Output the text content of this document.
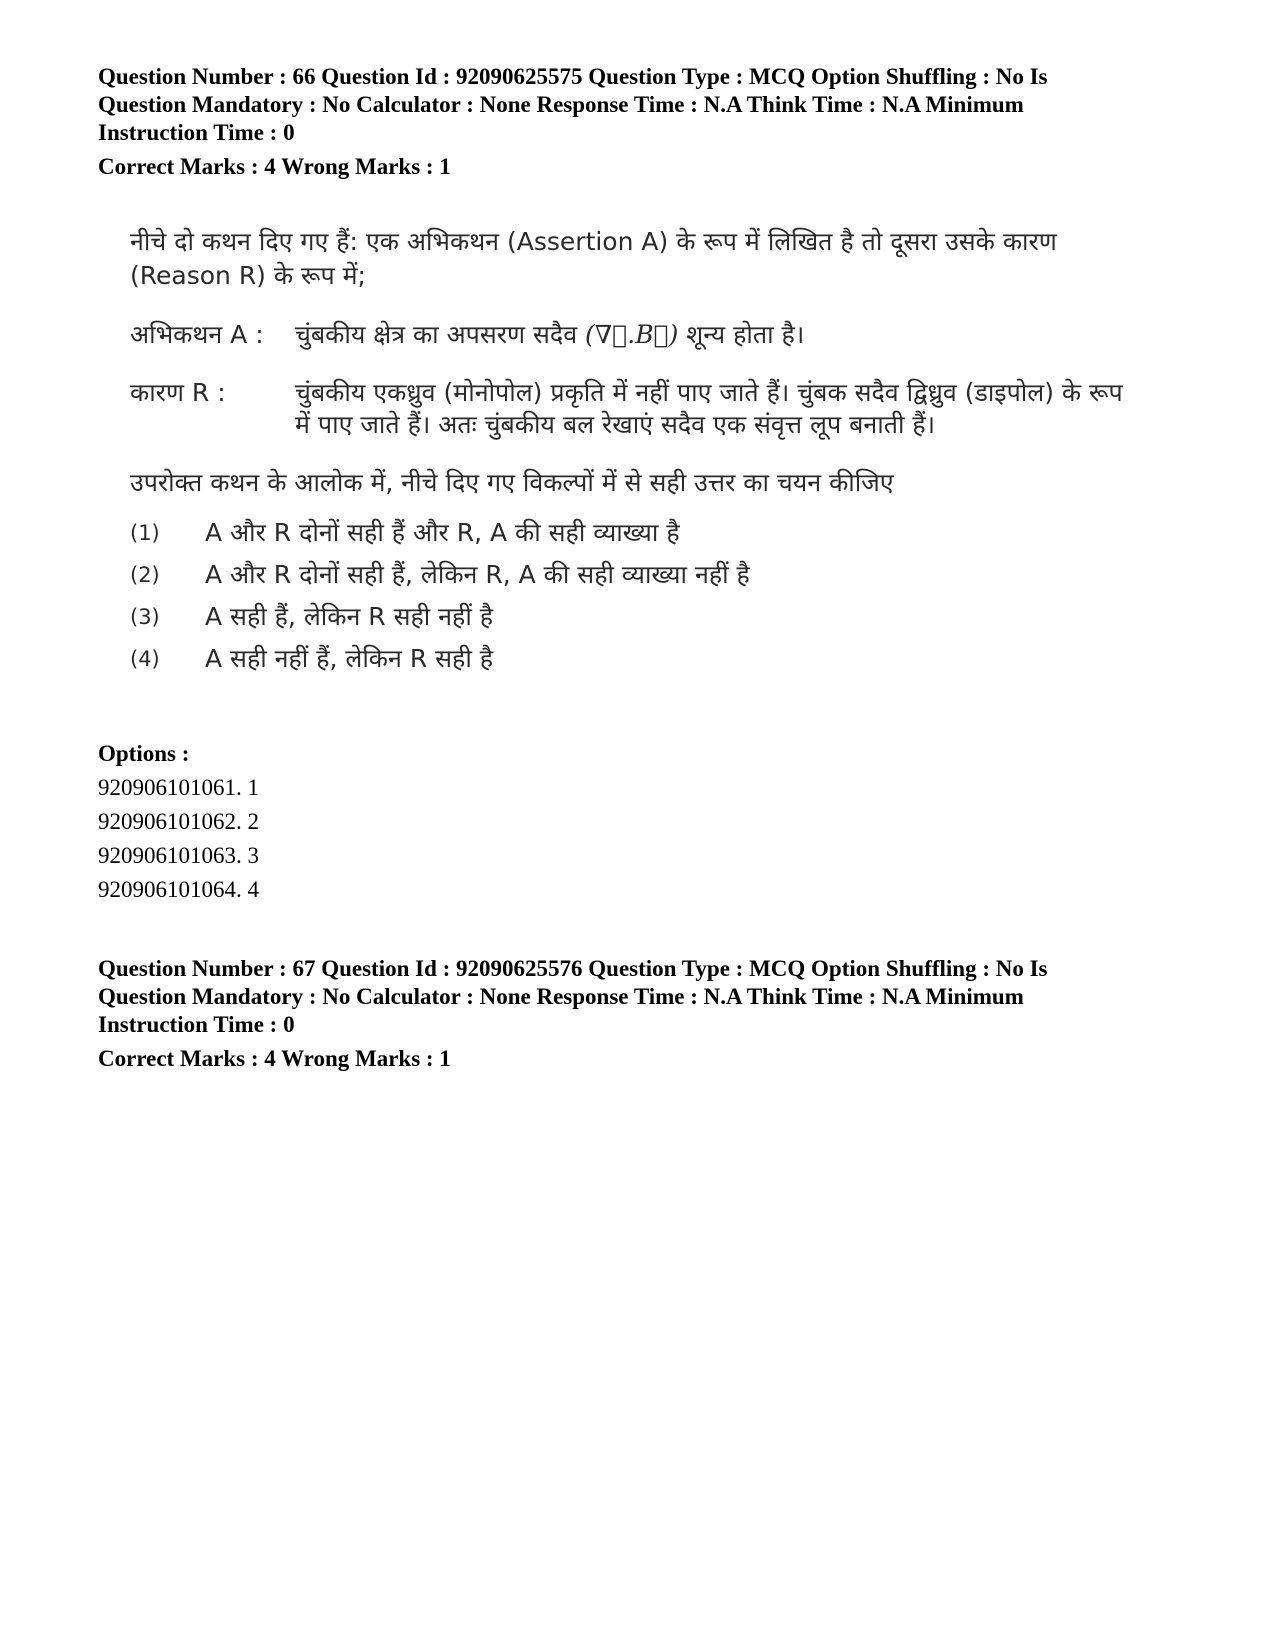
Question Number : 66 Question Id : 92090625575 Question Type : MCQ Option Shuffling : No Is
Question Mandatory : No Calculator : None Response Time : N.A Think Time : N.A Minimum
Instruction Time : 0
Correct Marks : 4 Wrong Marks : 1
नीचे दो कथन दिए गए हैं: एक अभिकथन (Assertion A) के रूप में लिखित है तो दूसरा उसके कारण (Reason R) के रूप में;
अभिकथन A :	चुंबकीय क्षेत्र का अपसरण सदैव (∇⃗.B⃗) शून्य होता है।
कारण R :	चुंबकीय एकध्रुव (मोनोपोल) प्रकृति में नहीं पाए जाते हैं। चुंबक सदैव द्विध्रुव (डाइपोल) के रूप में पाए जाते हैं। अतः चुंबकीय बल रेखाएं सदैव एक संवृत्त लूप बनाती हैं।
उपरोक्त कथन के आलोक में, नीचे दिए गए विकल्पों में से सही उत्तर का चयन कीजिए
(1)	A और R दोनों सही हैं और R, A की सही व्याख्या है
(2)	A और R दोनों सही हैं, लेकिन R, A की सही व्याख्या नहीं है
(3)	A सही हैं, लेकिन R सही नहीं है
(4)	A सही नहीं हैं, लेकिन R सही है
Options :
920906101061. 1
920906101062. 2
920906101063. 3
920906101064. 4
Question Number : 67 Question Id : 92090625576 Question Type : MCQ Option Shuffling : No Is
Question Mandatory : No Calculator : None Response Time : N.A Think Time : N.A Minimum
Instruction Time : 0
Correct Marks : 4 Wrong Marks : 1
